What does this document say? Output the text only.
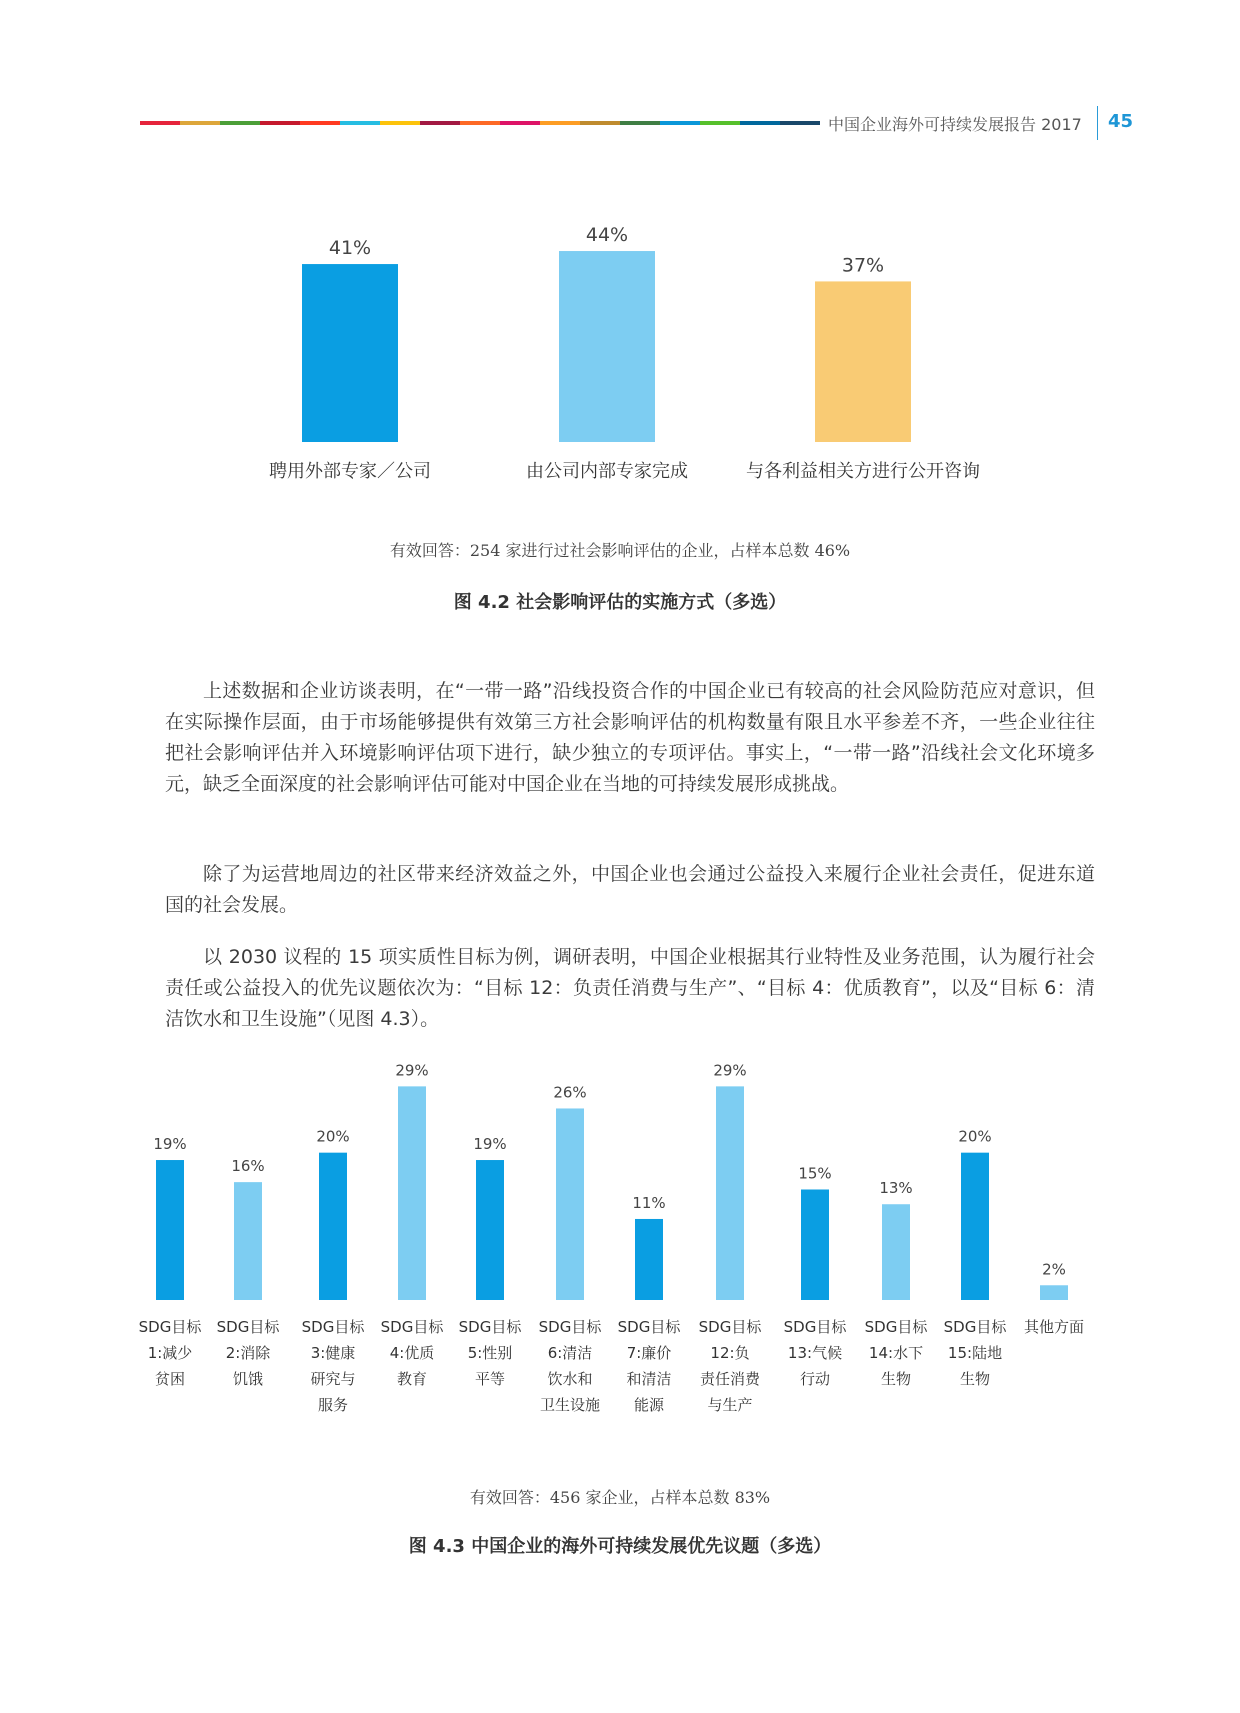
中国企业海外可持续发展报告 2017 45
41%
聘用外部专家／公司
44%
由公司内部专家完成
37%
与各利益相关方进行公开咨询
有效回答：254 家进行过社会影响评估的企业，占样本总数 46%
图 4.2 社会影响评估的实施方式（多选）
上述数据和企业访谈表明，在“一带一路”沿线投资合作的中国企业已有较高的社会风险防范应对意识，但在实际操作层面，由于市场能够提供有效第三方社会影响评估的机构数量有限且水平参差不齐，一些企业往往把社会影响评估并入环境影响评估项下进行，缺少独立的专项评估。事实上，“一带一路”沿线社会文化环境多元，缺乏全面深度的社会影响评估可能对中国企业在当地的可持续发展形成挑战。
除了为运营地周边的社区带来经济效益之外，中国企业也会通过公益投入来履行企业社会责任，促进东道国的社会发展。
以 2030 议程的 15 项实质性目标为例，调研表明，中国企业根据其行业特性及业务范围，认为履行社会责任或公益投入的优先议题依次为：“目标 12：负责任消费与生产”、“目标 4：优质教育”，以及“目标 6：清洁饮水和卫生设施”（见图 4.3）。
19%
SDG目标
1:减少
贫困
16%
SDG目标
2:消除
饥饿
20%
SDG目标
3:健康
研究与
服务
29%
SDG目标
4:优质
教育
19%
SDG目标
5:性别
平等
26%
SDG目标
6:清洁
饮水和
卫生设施
11%
SDG目标
7:廉价
和清洁
能源
29%
SDG目标
12:负
责任消费
与生产
15%
SDG目标
13:气候
行动
13%
SDG目标
14:水下
生物
20%
SDG目标
15:陆地
生物
2%
其他方面
有效回答：456 家企业，占样本总数 83%
图 4.3 中国企业的海外可持续发展优先议题（多选）
